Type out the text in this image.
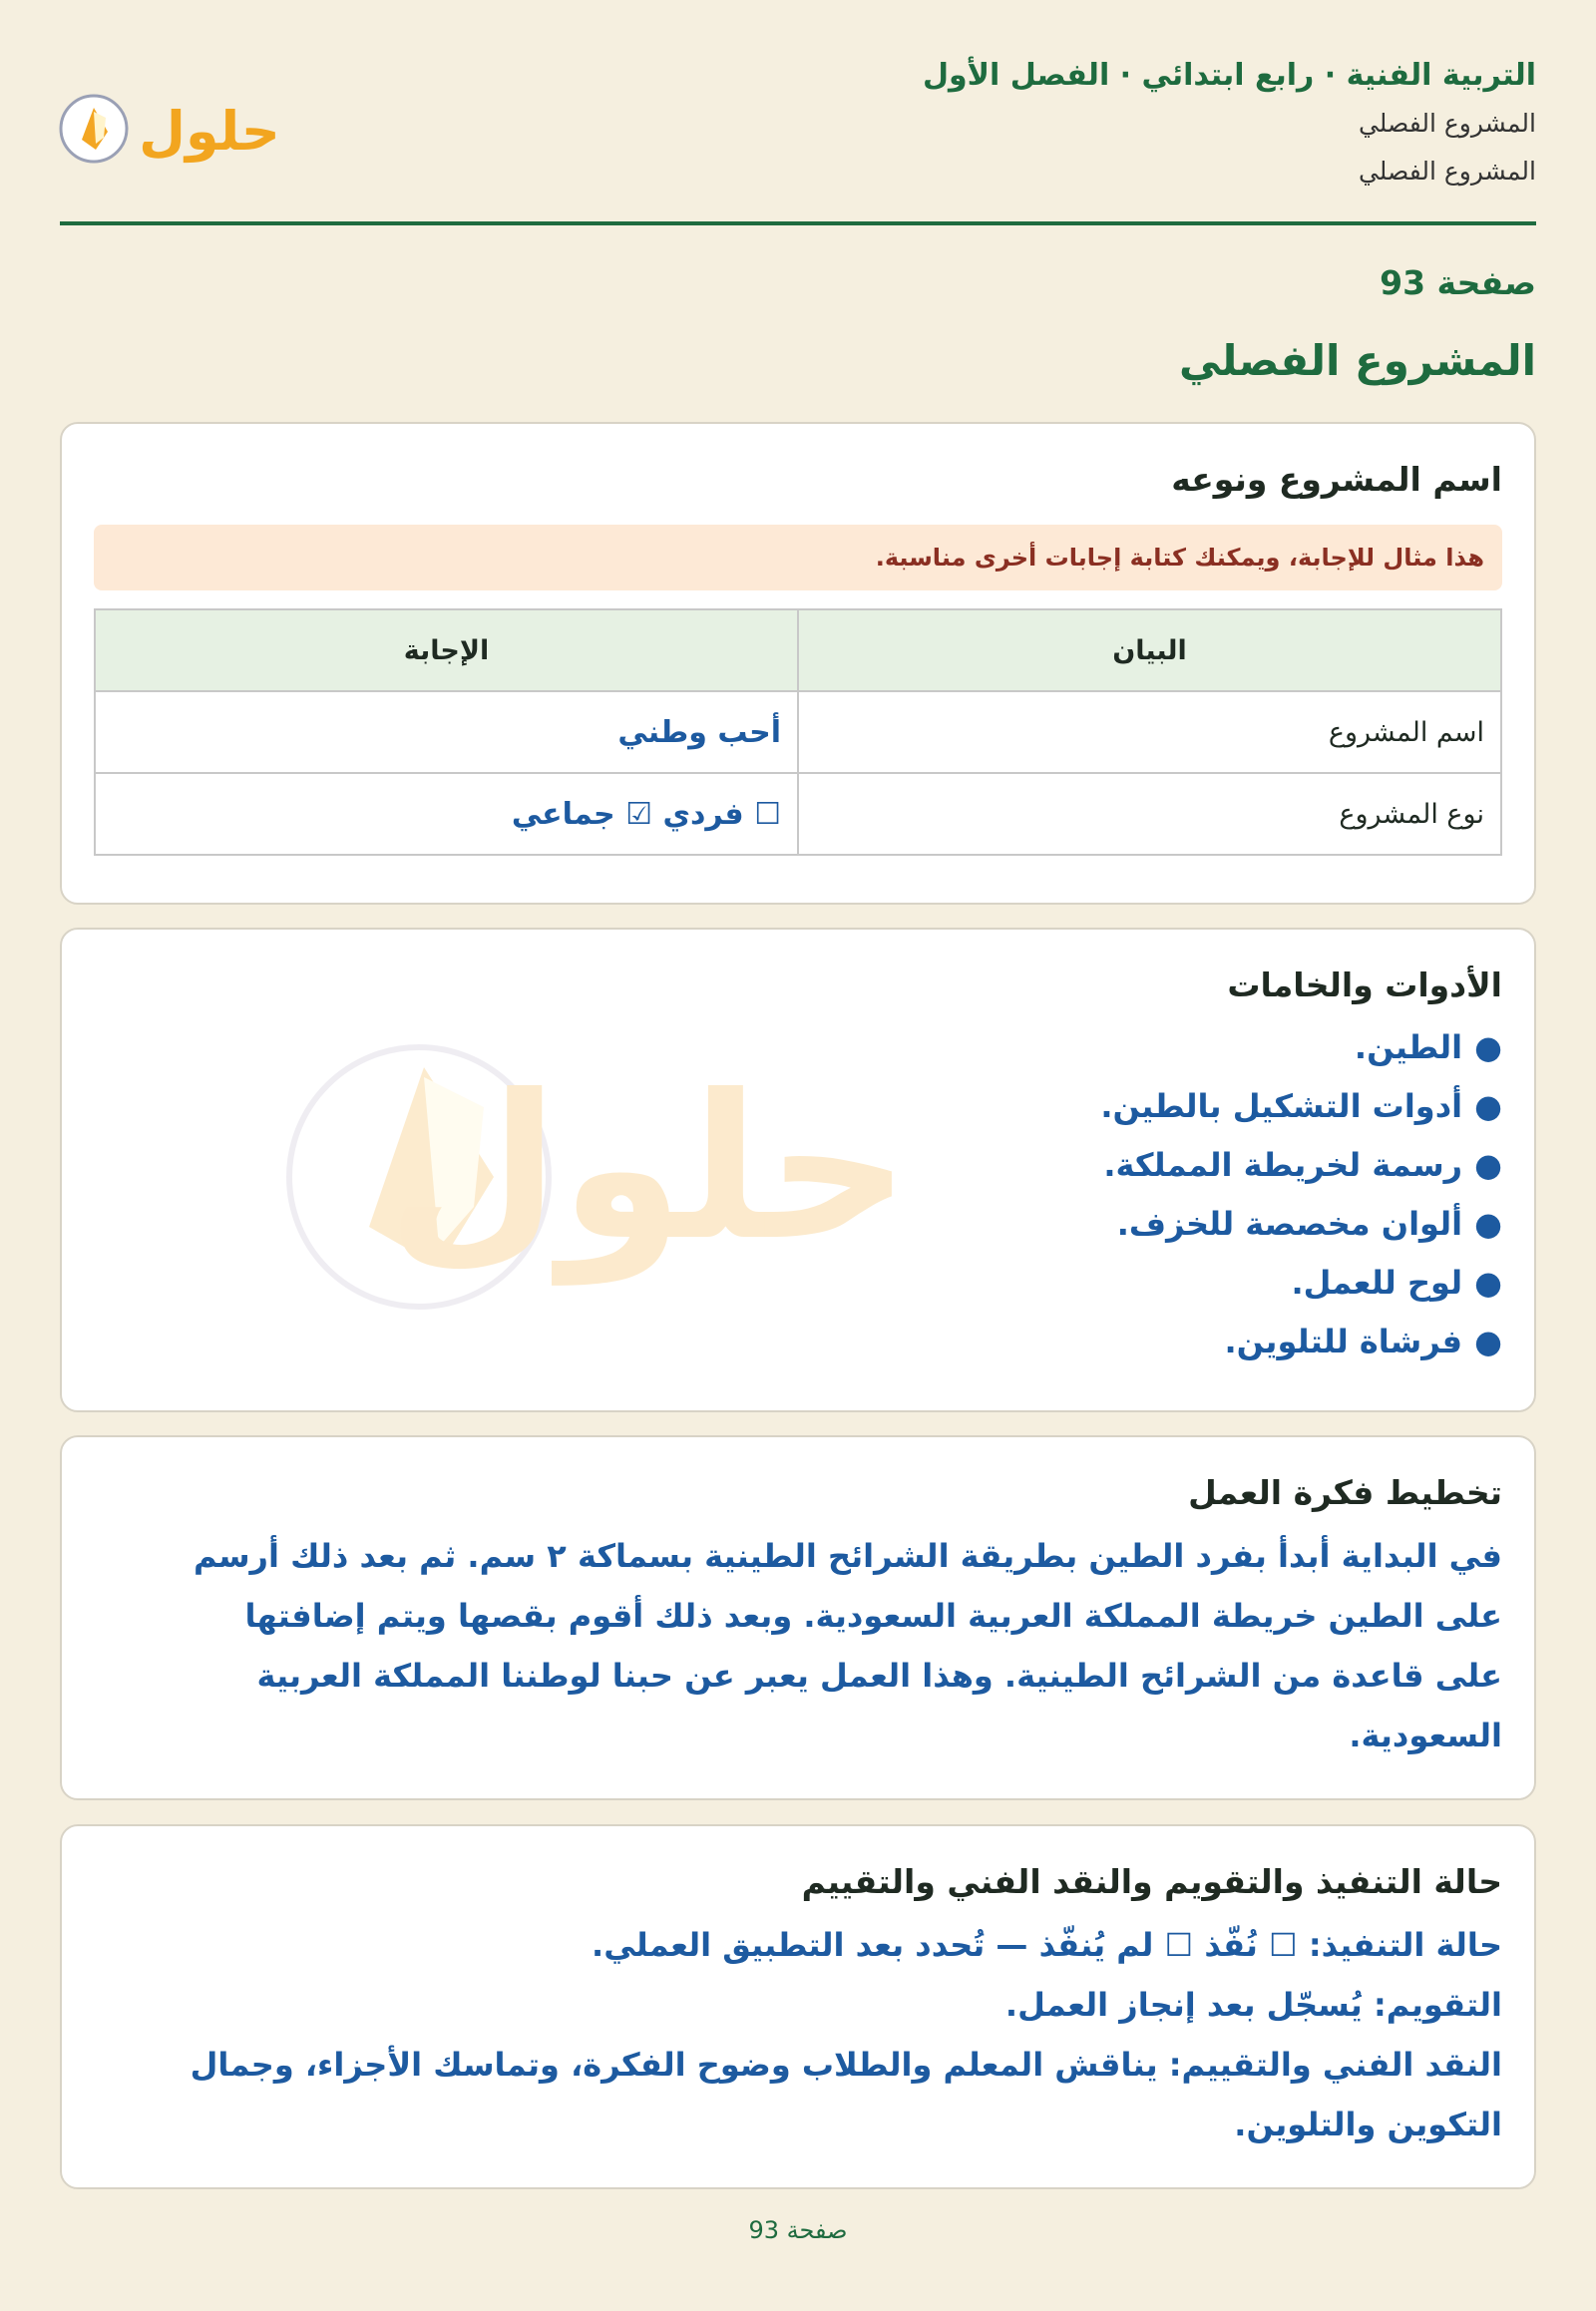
التربية الفنية · رابع ابتدائي · الفصل الأول
المشروع الفصلي
المشروع الفصلي
حلول
صفحة 93
المشروع الفصلي
اسم المشروع ونوعه
هذا مثال للإجابة، ويمكنك كتابة إجابات أخرى مناسبة.
البيان	الإجابة
اسم المشروع	أحب وطني
نوع المشروع	☐ فردي ☑ جماعي
الأدوات والخامات
●الطين.
●أدوات التشكيل بالطين.
●رسمة لخريطة المملكة.
●ألوان مخصصة للخزف.
●لوح للعمل.
●فرشاة للتلوين.
تخطيط فكرة العمل
في البداية أبدأ بفرد الطين بطريقة الشرائح الطينية بسماكة ٢ سم. ثم بعد ذلك أرسم
على الطين خريطة المملكة العربية السعودية. وبعد ذلك أقوم بقصها ويتم إضافتها
على قاعدة من الشرائح الطينية. وهذا العمل يعبر عن حبنا لوطننا المملكة العربية
السعودية.
حالة التنفيذ والتقويم والنقد الفني والتقييم
حالة التنفيذ: ☐ نُفّذ ☐ لم يُنفّذ — تُحدد بعد التطبيق العملي.
التقويم: يُسجّل بعد إنجاز العمل.
النقد الفني والتقييم: يناقش المعلم والطلاب وضوح الفكرة، وتماسك الأجزاء، وجمال
التكوين والتلوين.
حلول
صفحة 93
